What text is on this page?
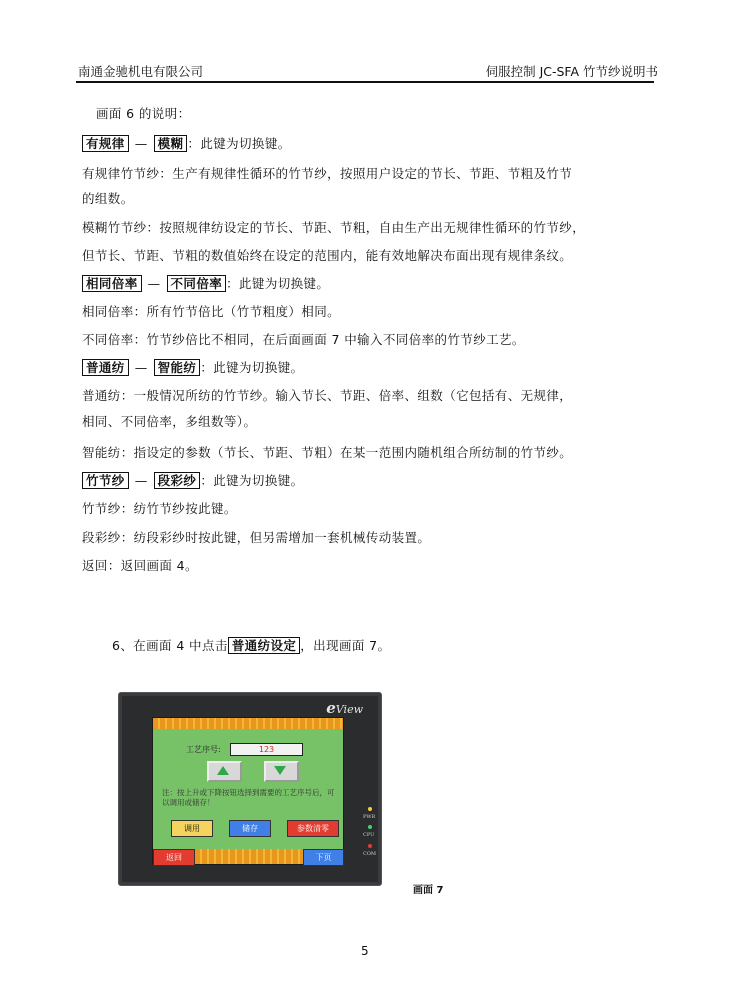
南通金驰机电有限公司	伺服控制 JC-SFA 竹节纱说明书
画面 6 的说明：
有规律 — 模糊 ：此键为切换键。
有规律竹节纱：生产有规律性循环的竹节纱，按照用户设定的节长、节距、节粗及竹节
的组数。
模糊竹节纱：按照规律纺设定的节长、节距、节粗，自由生产出无规律性循环的竹节纱，
但节长、节距、节粗的数值始终在设定的范围内，能有效地解决布面出现有规律条纹。
相同倍率 — 不同倍率 ：此键为切换键。
相同倍率：所有竹节倍比（竹节粗度）相同。
不同倍率：竹节纱倍比不相同，在后面画面 7 中输入不同倍率的竹节纱工艺。
普通纺 — 智能纺 ：此键为切换键。
普通纺：一般情况所纺的竹节纱。输入节长、节距、倍率、组数（它包括有、无规律，
相同、不同倍率，多组数等）。
智能纺：指设定的参数（节长、节距、节粗）在某一范围内随机组合所纺制的竹节纱。
竹节纱 — 段彩纱 ：此键为切换键。
竹节纱：纺竹节纱按此键。
段彩纱：纺段彩纱时按此键，但另需增加一套机械传动装置。
返回：返回画面 4。
6、在画面 4 中点击 普通纺设定 ，出现画面 7。
eView
工艺序号:	123
注：按上升或下降按钮选择到需要的工艺序号后，可以调用或储存！
调用	储存	参数清零
返回	下页
PWR
CPU
COM
画面 7
5
